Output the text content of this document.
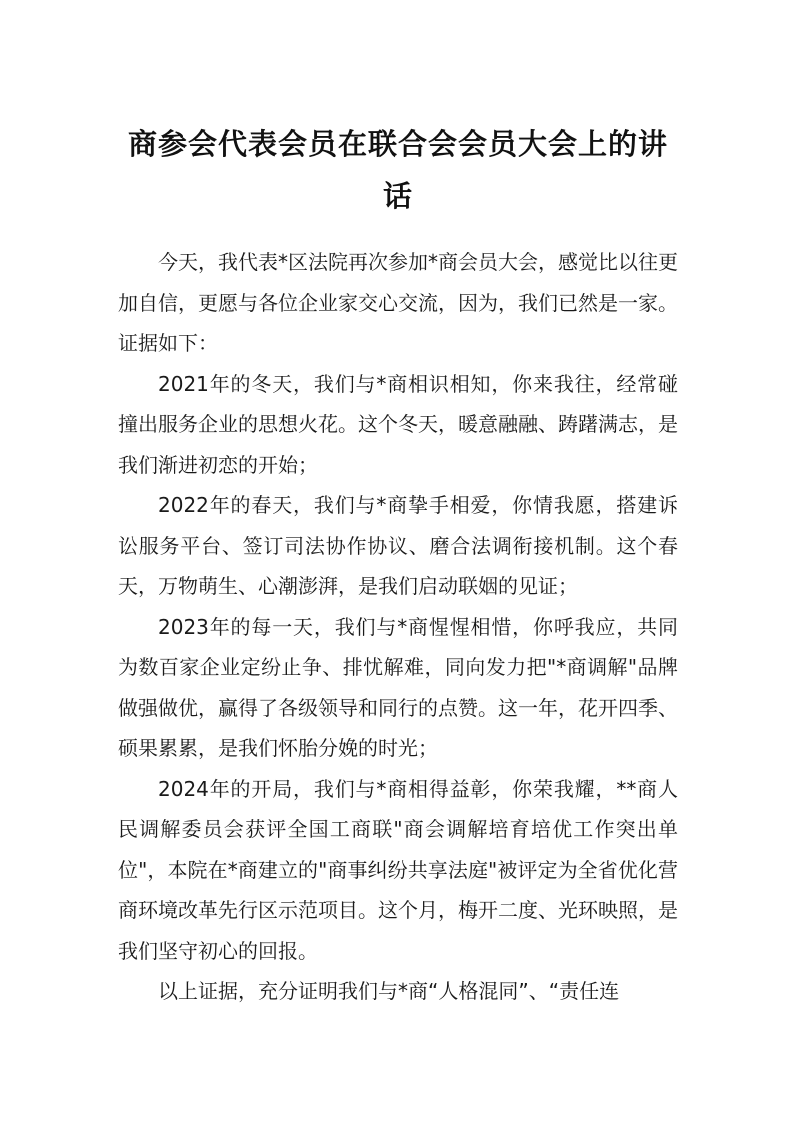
商参会代表会员在联合会会员大会上的讲话

今天，我代表*区法院再次参加*商会员大会，感觉比以往更加自信，更愿与各位企业家交心交流，因为，我们已然是一家。证据如下：

2021年的冬天，我们与*商相识相知，你来我往，经常碰撞出服务企业的思想火花。这个冬天，暖意融融、踌躇满志，是我们渐进初恋的开始；

2022年的春天，我们与*商挚手相爱，你情我愿，搭建诉讼服务平台、签订司法协作协议、磨合法调衔接机制。这个春天，万物萌生、心潮澎湃，是我们启动联姻的见证；

2023年的每一天，我们与*商惺惺相惜，你呼我应，共同为数百家企业定纷止争、排忧解难，同向发力把"*商调解"品牌做强做优，赢得了各级领导和同行的点赞。这一年，花开四季、硕果累累，是我们怀胎分娩的时光；

2024年的开局，我们与*商相得益彰，你荣我耀，**商人民调解委员会获评全国工商联"商会调解培育培优工作突出单位"，本院在*商建立的"商事纠纷共享法庭"被评定为全省优化营商环境改革先行区示范项目。这个月，梅开二度、光环映照，是我们坚守初心的回报。

以上证据，充分证明我们与*商“人格混同”、“责任连
